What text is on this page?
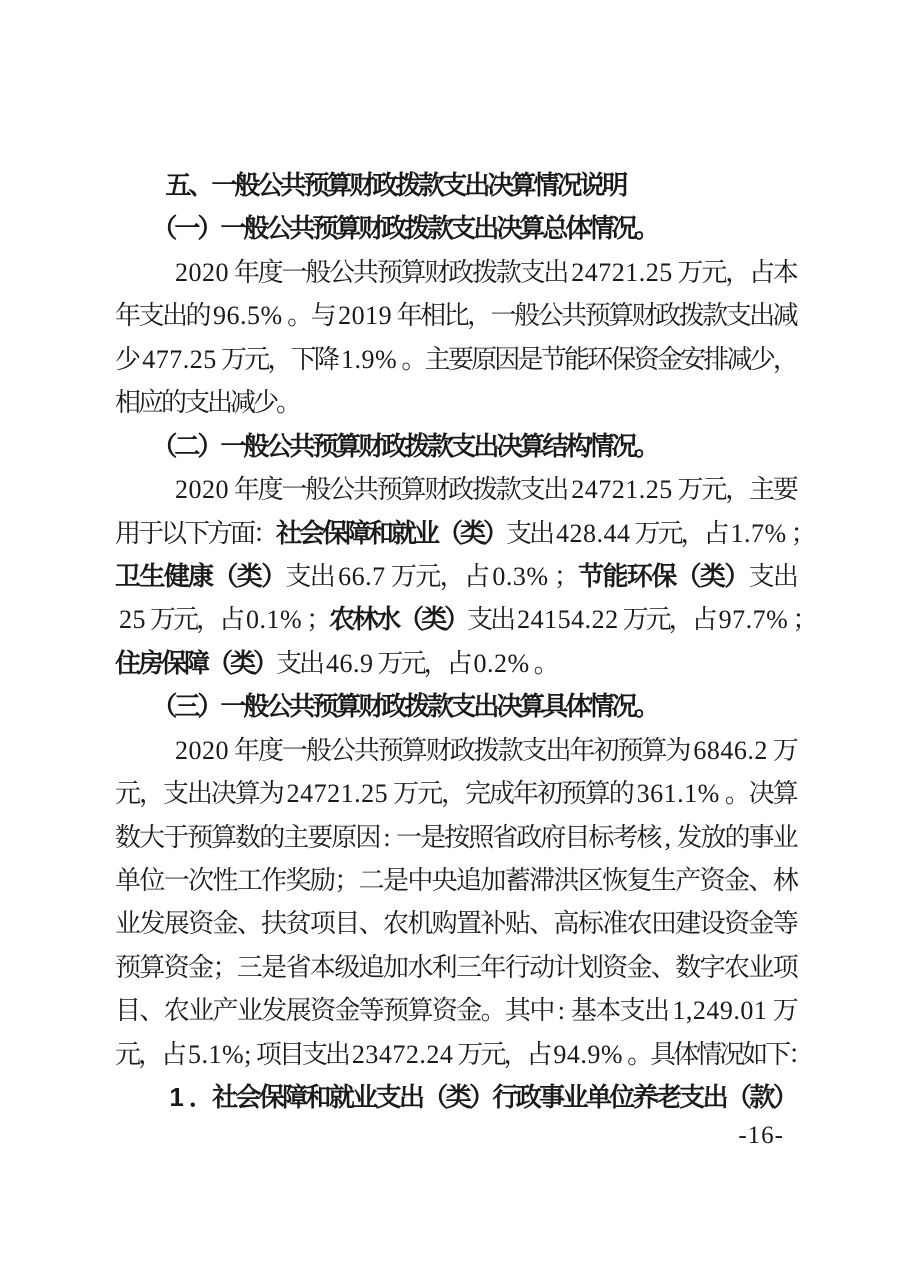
五
、
一
般
公
共
预
算
财
政
拨
款
支
出
决
算
情
况
说
明
（
一
）
一
般
公
共
预
算
财
政
拨
款
支
出
决
算
总
体
情
况
。
2020 年
度
一
般
公
共
预
算
财
政
拨
款
支
出 24721.25 万
元
，
占
本
年
支
出
的 96.5% 。
与 2019 年
相
比
，
一
般
公
共
预
算
财
政
拨
款
支
出
减
少 477.25 万
元
，
下
降 1.9% 。
主
要
原
因
是
节
能
环
保
资
金
安
排
减
少
，
相
应
的
支
出
减
少
。
（
二
）
一
般
公
共
预
算
财
政
拨
款
支
出
决
算
结
构
情
况
。
2020 年
度
一
般
公
共
预
算
财
政
拨
款
支
出 24721.25 万
元
，
主
要
用
于
以
下
方
面
：
社
会
保
障
和
就
业
（
类
）
支
出 428.44 万
元
，
占 1.7% ；
卫
生
健
康
（
类
）
支
出 66.7 万
元
，
占 0.3% ；
节
能
环
保
（
类
）
支
出
25 万
元
，
占 0.1% ；
农
林
水
（
类
）
支
出 24154.22 万
元
，
占 97.7% ；
住
房
保
障
（
类
）
支
出 46.9 万
元
，
占 0.2% 。
（
三
）
一
般
公
共
预
算
财
政
拨
款
支
出
决
算
具
体
情
况
。
2020 年
度
一
般
公
共
预
算
财
政
拨
款
支
出
年
初
预
算
为 6846.2 万
元
，
支
出
决
算
为 24721.25 万
元
，
完
成
年
初
预
算
的 361.1% 。
决
算
数
大
于
预
算
数
的
主
要
原
因 : 一
是
按
照
省
政
府
目
标
考
核 , 发
放
的
事
业
单
位
一
次
性
工
作
奖
励
；
二
是
中
央
追
加
蓄
滞
洪
区
恢
复
生
产
资
金
、
林
业
发
展
资
金
、
扶
贫
项
目
、
农
机
购
置
补
贴
、
高
标
准
农
田
建
设
资
金
等
预
算
资
金
；
三
是
省
本
级
追
加
水
利
三
年
行
动
计
划
资
金
、
数
字
农
业
项
目
、
农
业
产
业
发
展
资
金
等
预
算
资
金
。
其
中 : 基
本
支
出 1,249.01 万
元
，
占 5.1%; 项
目
支
出 23472.24 万
元
，
占 94.9% 。
具
体
情
况
如
下
：
1 ．
社
会
保
障
和
就
业
支
出
（
类
）
行
政
事
业
单
位
养
老
支
出
（
款
）
-16-
